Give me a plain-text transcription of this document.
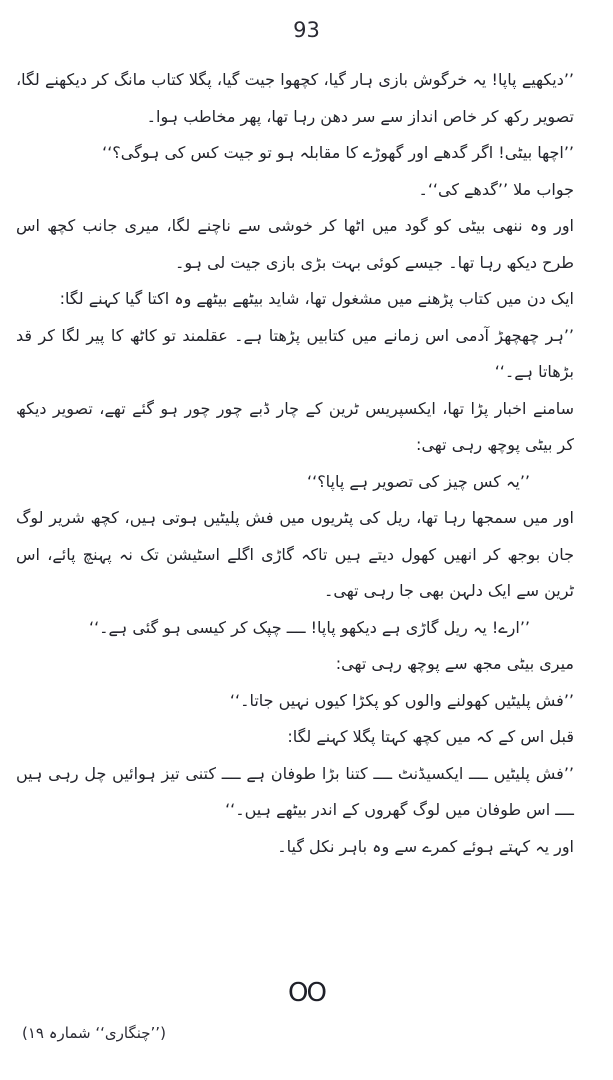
93

’’دیکھیے پاپا! یہ خرگوش بازی ہار گیا، کچھوا جیت گیا، پگلا کتاب مانگ کر دیکھنے لگا، تصویر رکھ کر خاص انداز سے سر دھن رہا تھا، پھر مخاطب ہوا۔

’’اچھا بیٹی! اگر گدھے اور گھوڑے کا مقابلہ ہو تو جیت کس کی ہوگی؟‘‘

جواب ملا ’’گدھے کی‘‘۔

اور وہ ننھی بیٹی کو گود میں اٹھا کر خوشی سے ناچنے لگا، میری جانب کچھ اس طرح دیکھ رہا تھا۔ جیسے کوئی بہت بڑی بازی جیت لی ہو۔

ایک دن میں کتاب پڑھنے میں مشغول تھا، شاید بیٹھے بیٹھے وہ اکتا گیا کہنے لگا:

’’ہر چھچھڑ آدمی اس زمانے میں کتابیں پڑھتا ہے۔ عقلمند تو کاٹھ کا پیر لگا کر قد بڑھاتا ہے۔‘‘

سامنے اخبار پڑا تھا، ایکسپریس ٹرین کے چار ڈبے چور چور ہو گئے تھے، تصویر دیکھ کر بیٹی پوچھ رہی تھی:

’’یہ کس چیز کی تصویر ہے پاپا؟‘‘

اور میں سمجھا رہا تھا، ریل کی پٹریوں میں فش پلیٹیں ہوتی ہیں، کچھ شریر لوگ جان بوجھ کر انھیں کھول دیتے ہیں تاکہ گاڑی اگلے اسٹیشن تک نہ پہنچ پائے، اس ٹرین سے ایک دلہن بھی جا رہی تھی۔

’’ارے! یہ ریل گاڑی ہے دیکھو پاپا! ــــ چپک کر کیسی ہو گئی ہے۔‘‘

میری بیٹی مجھ سے پوچھ رہی تھی:

’’فش پلیٹیں کھولنے والوں کو پکڑا کیوں نہیں جاتا۔‘‘

قبل اس کے کہ میں کچھ کہتا پگلا کہنے لگا:

’’فش پلیٹیں ــــ ایکسیڈنٹ ــــ کتنا بڑا طوفان ہے ــــ کتنی تیز ہوائیں چل رہی ہیں ــــ اس طوفان میں لوگ گھروں کے اندر بیٹھے ہیں۔‘‘

اور یہ کہتے ہوئے کمرے سے وہ باہر نکل گیا۔

OO
(’’چنگاری‘‘ شمارہ ۱۹)
